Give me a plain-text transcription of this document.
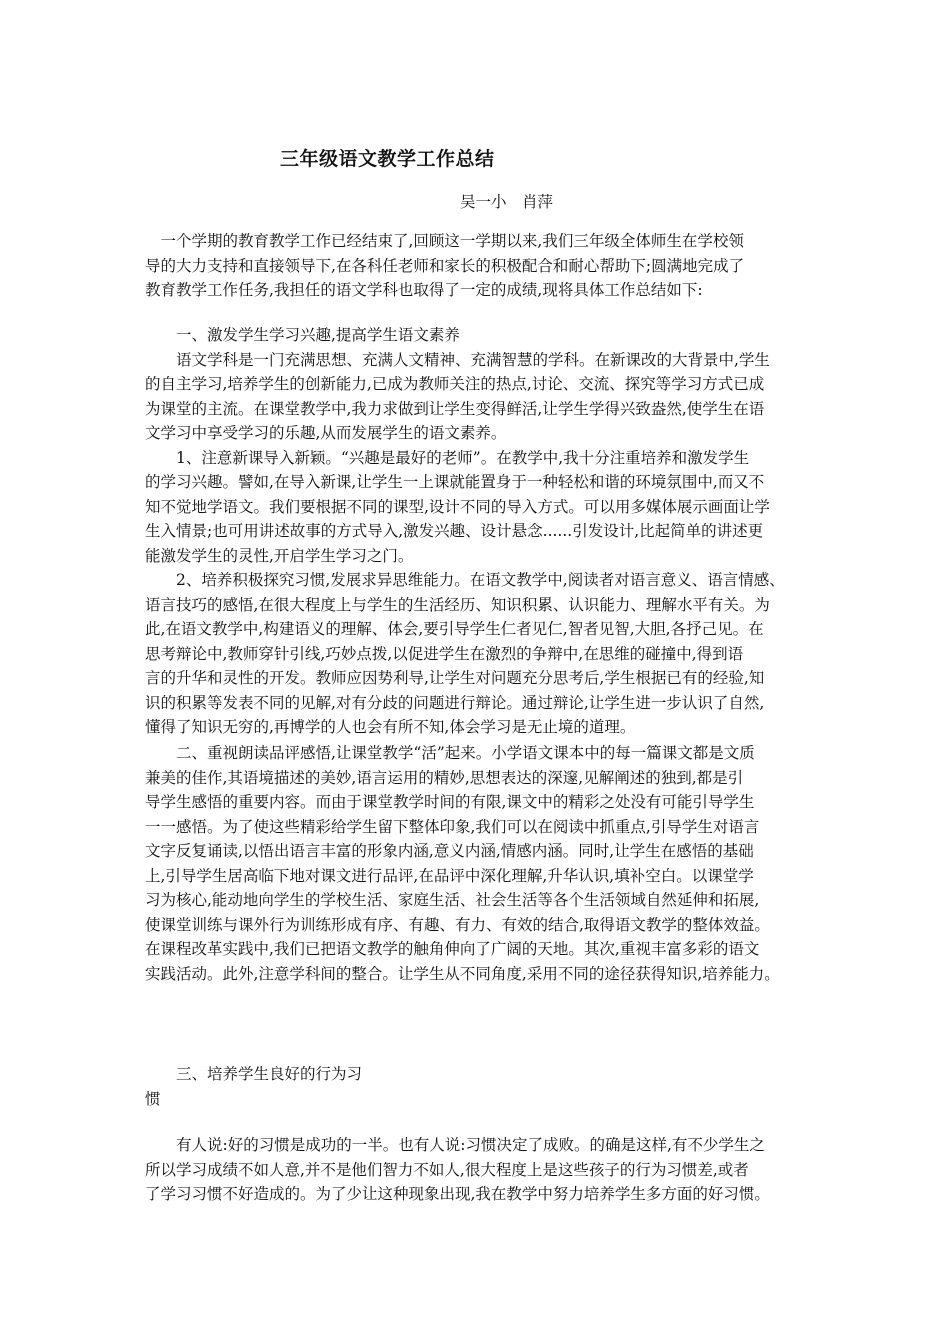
三年级语文教学工作总结
吴一小　肖萍
　一个学期的教育教学工作已经结束了,回顾这一学期以来,我们三年级全体师生在学校领
导的大力支持和直接领导下,在各科任老师和家长的积极配合和耐心帮助下;圆满地完成了
教育教学工作任务,我担任的语文学科也取得了一定的成绩,现将具体工作总结如下:
　　一、激发学生学习兴趣,提高学生语文素养
　　语文学科是一门充满思想、充满人文精神、充满智慧的学科。在新课改的大背景中,学生
的自主学习,培养学生的创新能力,已成为教师关注的热点,讨论、交流、探究等学习方式已成
为课堂的主流。在课堂教学中,我力求做到让学生变得鲜活,让学生学得兴致盎然,使学生在语
文学习中享受学习的乐趣,从而发展学生的语文素养。
　　1、注意新课导入新颖。“兴趣是最好的老师”。在教学中,我十分注重培养和激发学生
的学习兴趣。譬如,在导入新课,让学生一上课就能置身于一种轻松和谐的环境氛围中,而又不
知不觉地学语文。我们要根据不同的课型,设计不同的导入方式。可以用多媒体展示画面让学
生入情景;也可用讲述故事的方式导入,激发兴趣、设计悬念......引发设计,比起简单的讲述更
能激发学生的灵性,开启学生学习之门。
　　2、培养积极探究习惯,发展求异思维能力。在语文教学中,阅读者对语言意义、语言情感、
语言技巧的感悟,在很大程度上与学生的生活经历、知识积累、认识能力、理解水平有关。为
此,在语文教学中,构建语义的理解、体会,要引导学生仁者见仁,智者见智,大胆,各抒己见。在
思考辩论中,教师穿针引线,巧妙点拨,以促进学生在激烈的争辩中,在思维的碰撞中,得到语
言的升华和灵性的开发。教师应因势利导,让学生对问题充分思考后,学生根据已有的经验,知
识的积累等发表不同的见解,对有分歧的问题进行辩论。通过辩论,让学生进一步认识了自然,
懂得了知识无穷的,再博学的人也会有所不知,体会学习是无止境的道理。
　　二、重视朗读品评感悟,让课堂教学“活”起来。小学语文课本中的每一篇课文都是文质
兼美的佳作,其语境描述的美妙,语言运用的精妙,思想表达的深邃,见解阐述的独到,都是引
导学生感悟的重要内容。而由于课堂教学时间的有限,课文中的精彩之处没有可能引导学生
一一感悟。为了使这些精彩给学生留下整体印象,我们可以在阅读中抓重点,引导学生对语言
文字反复诵读,以悟出语言丰富的形象内涵,意义内涵,情感内涵。同时,让学生在感悟的基础
上,引导学生居高临下地对课文进行品评,在品评中深化理解,升华认识,填补空白。以课堂学
习为核心,能动地向学生的学校生活、家庭生活、社会生活等各个生活领域自然延伸和拓展,
使课堂训练与课外行为训练形成有序、有趣、有力、有效的结合,取得语文教学的整体效益。
在课程改革实践中,我们已把语文教学的触角伸向了广阔的天地。其次,重视丰富多彩的语文
实践活动。此外,注意学科间的整合。让学生从不同角度,采用不同的途径获得知识,培养能力。
　　三、培养学生良好的行为习
惯
　　有人说:好的习惯是成功的一半。也有人说:习惯决定了成败。的确是这样,有不少学生之
所以学习成绩不如人意,并不是他们智力不如人,很大程度上是这些孩子的行为习惯差,或者
了学习习惯不好造成的。为了少让这种现象出现,我在教学中努力培养学生多方面的好习惯。
